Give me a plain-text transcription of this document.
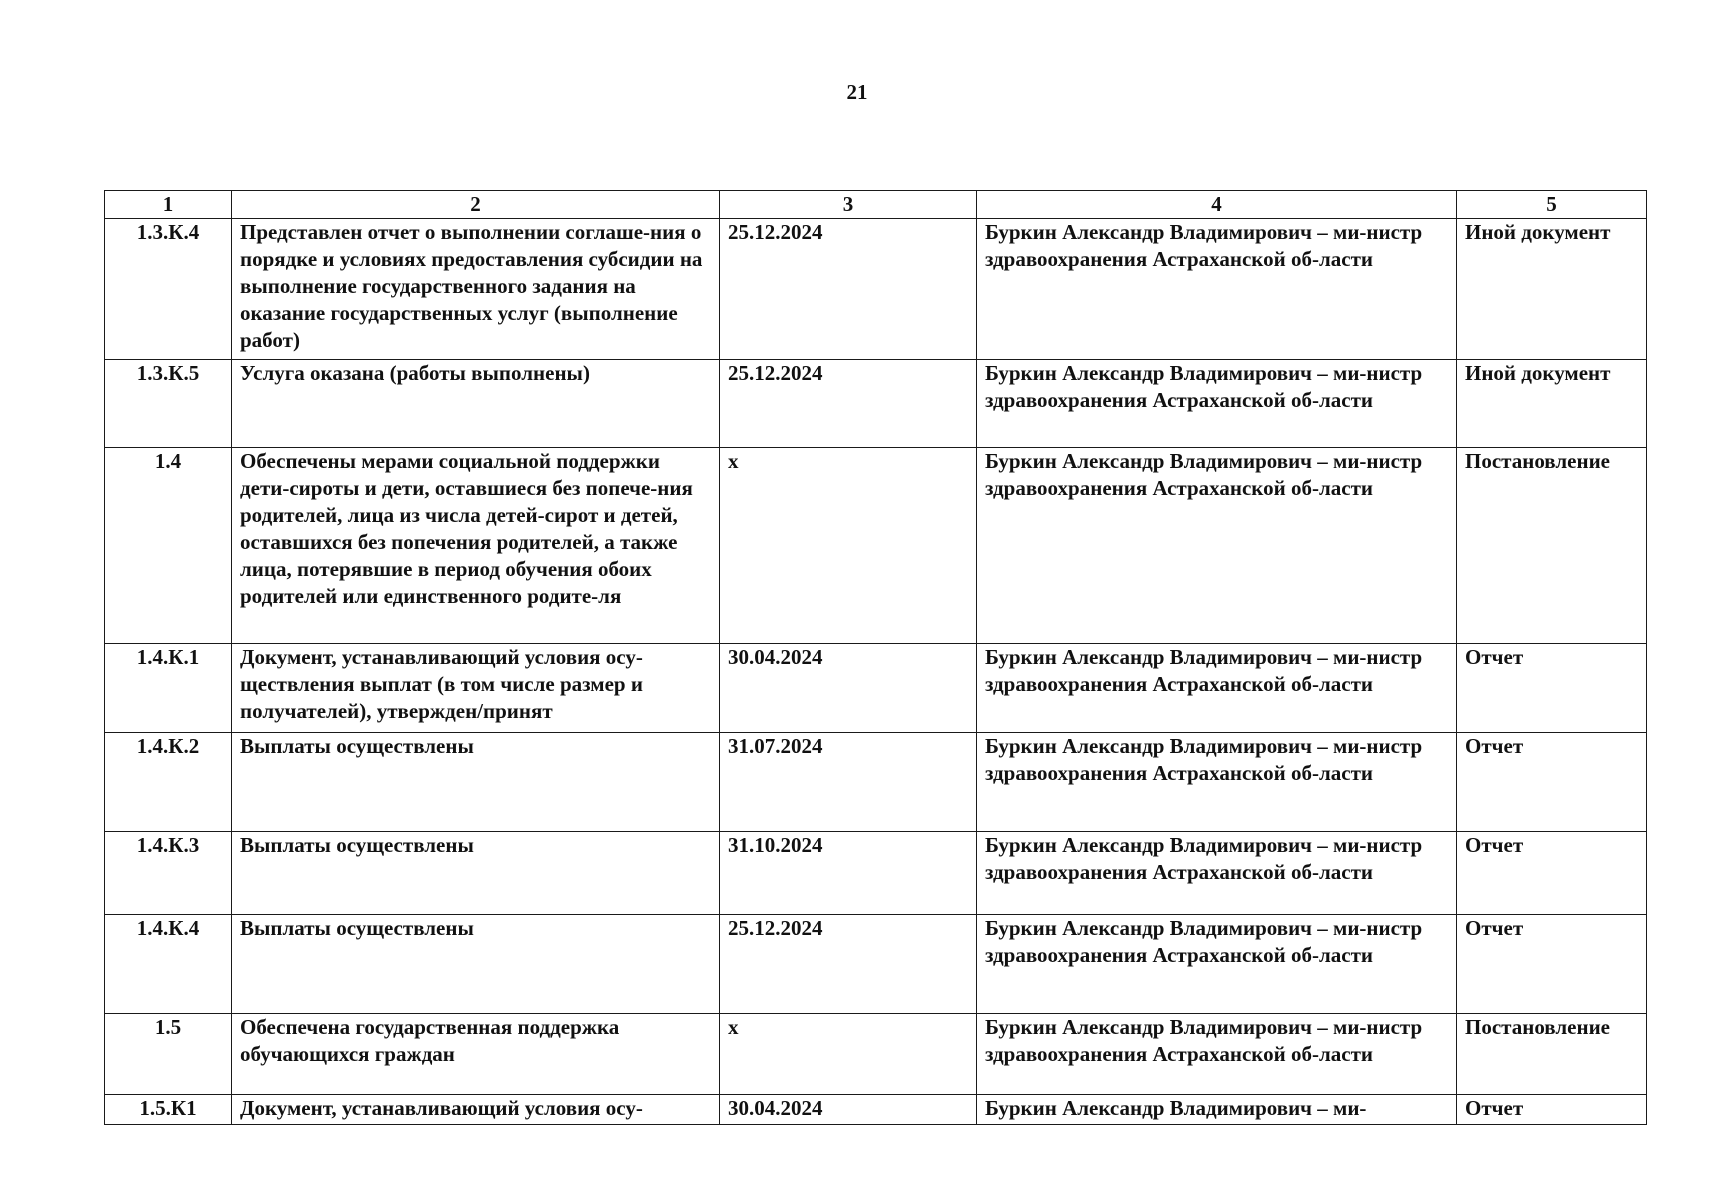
21
1	2	3	4	5
1.3.К.4	Представлен отчет о выполнении соглаше-ния о порядке и условиях предоставления субсидии на выполнение государственного задания на оказание государственных услуг (выполнение работ)	25.12.2024	Буркин Александр Владимирович – ми-нистр здравоохранения Астраханской об-ласти	Иной документ
1.3.К.5	Услуга оказана (работы выполнены)	25.12.2024	Буркин Александр Владимирович – ми-нистр здравоохранения Астраханской об-ласти	Иной документ
1.4	Обеспечены мерами социальной поддержки дети-сироты и дети, оставшиеся без попече-ния родителей, лица из числа детей-сирот и детей, оставшихся без попечения родителей, а также лица, потерявшие в период обучения обоих родителей или единственного родите-ля	x	Буркин Александр Владимирович – ми-нистр здравоохранения Астраханской об-ласти	Постановление
1.4.К.1	Документ, устанавливающий условия осу-ществления выплат (в том числе размер и получателей), утвержден/принят	30.04.2024	Буркин Александр Владимирович – ми-нистр здравоохранения Астраханской об-ласти	Отчет
1.4.К.2	Выплаты осуществлены	31.07.2024	Буркин Александр Владимирович – ми-нистр здравоохранения Астраханской об-ласти	Отчет
1.4.К.3	Выплаты осуществлены	31.10.2024	Буркин Александр Владимирович – ми-нистр здравоохранения Астраханской об-ласти	Отчет
1.4.К.4	Выплаты осуществлены	25.12.2024	Буркин Александр Владимирович – ми-нистр здравоохранения Астраханской об-ласти	Отчет
1.5	Обеспечена государственная поддержка обучающихся граждан	x	Буркин Александр Владимирович – ми-нистр здравоохранения Астраханской об-ласти	Постановление
1.5.К1	Документ, устанавливающий условия осу-	30.04.2024	Буркин Александр Владимирович – ми-	Отчет
